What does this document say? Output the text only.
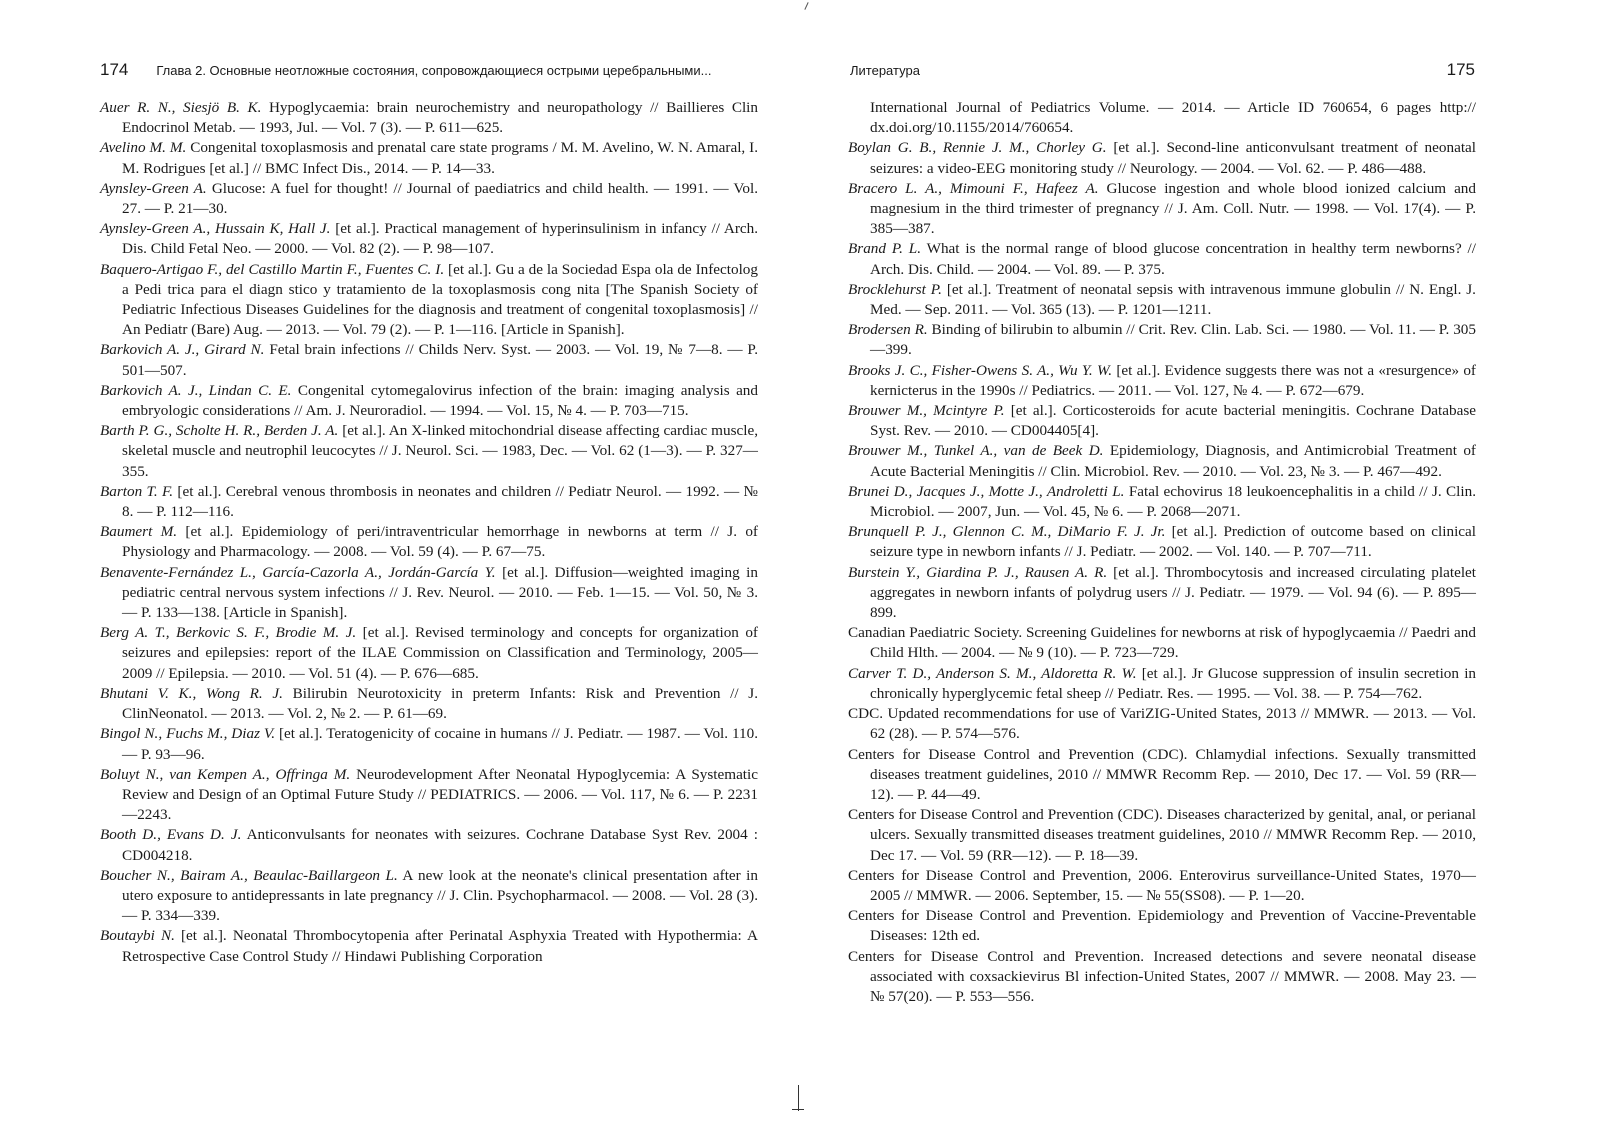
174 Глава 2. Основные неотложные состояния, сопровождающиеся острыми церебральными...

Auer R. N., Siesjö B. K. Hypoglycaemia: brain neurochemistry and neuropathology // Baillieres Clin Endocrinol Metab. — 1993, Jul. — Vol. 7 (3). — P. 611—625.

Avelino M. M. Congenital toxoplasmosis and prenatal care state programs / M. M. Avelino, W. N. Amaral, I. M. Rodrigues [et al.] // BMC Infect Dis., 2014. — P. 14—33.

Aynsley-Green A. Glucose: A fuel for thought! // Journal of paediatrics and child health. — 1991. — Vol. 27. — P. 21—30.

Aynsley-Green A., Hussain K, Hall J. [et al.]. Practical management of hyperinsulinism in infancy // Arch. Dis. Child Fetal Neo. — 2000. — Vol. 82 (2). — P. 98—107.

Baquero-Artigao F., del Castillo Martin F., Fuentes C. I. [et al.]. Gu a de la Sociedad Espa ola de Infectolog a Pedi trica para el diagn stico y tratamiento de la toxoplasmosis cong nita [The Spanish Society of Pediatric Infectious Diseases Guidelines for the diagnosis and treatment of congenital toxoplasmosis] // An Pediatr (Bare) Aug. — 2013. — Vol. 79 (2). — P. 1—116. [Article in Spanish].

Barkovich A. J., Girard N. Fetal brain infections // Childs Nerv. Syst. — 2003. — Vol. 19, № 7—8. — P. 501—507.

Barkovich A. J., Lindan C. E. Congenital cytomegalovirus infection of the brain: imaging analysis and embryologic considerations // Am. J. Neuroradiol. — 1994. — Vol. 15, № 4. — P. 703—715.

Barth P. G., Scholte H. R., Berden J. A. [et al.]. An X-linked mitochondrial disease affecting cardiac muscle, skeletal muscle and neutrophil leucocytes // J. Neurol. Sci. — 1983, Dec. — Vol. 62 (1—3). — P. 327—355.

Barton T. F. [et al.]. Cerebral venous thrombosis in neonates and children // Pediatr Neurol. — 1992. — № 8. — P. 112—116.

Baumert M. [et al.]. Epidemiology of peri/intraventricular hemorrhage in newborns at term // J. of Physiology and Pharmacology. — 2008. — Vol. 59 (4). — P. 67—75.

Benavente-Fernández L., García-Cazorla A., Jordán-García Y. [et al.]. Diffusion—weighted imaging in pediatric central nervous system infections // J. Rev. Neurol. — 2010. — Feb. 1—15. — Vol. 50, № 3. — P. 133—138. [Article in Spanish].

Berg A. T., Berkovic S. F., Brodie M. J. [et al.]. Revised terminology and concepts for organization of seizures and epilepsies: report of the ILAE Commission on Classification and Terminology, 2005—2009 // Epilepsia. — 2010. — Vol. 51 (4). — P. 676—685.

Bhutani V. K., Wong R. J. Bilirubin Neurotoxicity in preterm Infants: Risk and Prevention // J. ClinNeonatol. — 2013. — Vol. 2, № 2. — P. 61—69.

Bingol N., Fuchs M., Diaz V. [et al.]. Teratogenicity of cocaine in humans // J. Pediatr. — 1987. — Vol. 110. — P. 93—96.

Boluyt N., van Kempen A., Offringa M. Neurodevelopment After Neonatal Hypoglycemia: A Systematic Review and Design of an Optimal Future Study // PEDIATRICS. — 2006. — Vol. 117, № 6. — P. 2231—2243.

Booth D., Evans D. J. Anticonvulsants for neonates with seizures. Cochrane Database Syst Rev. 2004 : CD004218.

Boucher N., Bairam A., Beaulac-Baillargeon L. A new look at the neonate's clinical presentation after in utero exposure to antidepressants in late pregnancy // J. Clin. Psychopharmacol. — 2008. — Vol. 28 (3). — P. 334—339.

Boutaybi N. [et al.]. Neonatal Thrombocytopenia after Perinatal Asphyxia Treated with Hypothermia: A Retrospective Case Control Study // Hindawi Publishing Corporation

Литература	175

International Journal of Pediatrics Volume. — 2014. — Article ID 760654, 6 pages http:// dx.doi.org/10.1155/2014/760654.

Boylan G. B., Rennie J. M., Chorley G. [et al.]. Second-line anticonvulsant treatment of neonatal seizures: a video-EEG monitoring study // Neurology. — 2004. — Vol. 62. — P. 486—488.

Bracero L. A., Mimouni F., Hafeez A. Glucose ingestion and whole blood ionized calcium and magnesium in the third trimester of pregnancy // J. Am. Coll. Nutr. — 1998. — Vol. 17(4). — P. 385—387.

Brand P. L. What is the normal range of blood glucose concentration in healthy term newborns? // Arch. Dis. Child. — 2004. — Vol. 89. — P. 375.

Brocklehurst P. [et al.]. Treatment of neonatal sepsis with intravenous immune globulin // N. Engl. J. Med. — Sep. 2011. — Vol. 365 (13). — P. 1201—1211.

Brodersen R. Binding of bilirubin to albumin // Crit. Rev. Clin. Lab. Sci. — 1980. — Vol. 11. — P. 305—399.

Brooks J. C., Fisher-Owens S. A., Wu Y. W. [et al.]. Evidence suggests there was not a «resurgence» of kernicterus in the 1990s // Pediatrics. — 2011. — Vol. 127, № 4. — P. 672—679.

Brouwer M., Mcintyre P. [et al.]. Corticosteroids for acute bacterial meningitis. Cochrane Database Syst. Rev. — 2010. — CD004405[4].

Brouwer M., Tunkel A., van de Beek D. Epidemiology, Diagnosis, and Antimicrobial Treatment of Acute Bacterial Meningitis // Clin. Microbiol. Rev. — 2010. — Vol. 23, № 3. — P. 467—492.

Brunei D., Jacques J., Motte J., Androletti L. Fatal echovirus 18 leukoencephalitis in a child // J. Clin. Microbiol. — 2007, Jun. — Vol. 45, № 6. — P. 2068—2071.

Brunquell P. J., Glennon C. M., DiMario F. J. Jr. [et al.]. Prediction of outcome based on clinical seizure type in newborn infants // J. Pediatr. — 2002. — Vol. 140. — P. 707—711.

Burstein Y., Giardina P. J., Rausen A. R. [et al.]. Thrombocytosis and increased circulating platelet aggregates in newborn infants of polydrug users // J. Pediatr. — 1979. — Vol. 94 (6). — P. 895—899.

Canadian Paediatric Society. Screening Guidelines for newborns at risk of hypoglycaemia // Paedri and Child Hlth. — 2004. — № 9 (10). — P. 723—729.

Carver T. D., Anderson S. M., Aldoretta R. W. [et al.]. Jr Glucose suppression of insulin secretion in chronically hyperglycemic fetal sheep // Pediatr. Res. — 1995. — Vol. 38. — P. 754—762.

CDC. Updated recommendations for use of VariZIG-United States, 2013 // MMWR. — 2013. — Vol. 62 (28). — P. 574—576.

Centers for Disease Control and Prevention (CDC). Chlamydial infections. Sexually transmitted diseases treatment guidelines, 2010 // MMWR Recomm Rep. — 2010, Dec 17. — Vol. 59 (RR—12). — P. 44—49.

Centers for Disease Control and Prevention (CDC). Diseases characterized by genital, anal, or perianal ulcers. Sexually transmitted diseases treatment guidelines, 2010 // MMWR Recomm Rep. — 2010, Dec 17. — Vol. 59 (RR—12). — P. 18—39.

Centers for Disease Control and Prevention, 2006. Enterovirus surveillance-United States, 1970—2005 // MMWR. — 2006. September, 15. — № 55(SS08). — P. 1—20.

Centers for Disease Control and Prevention. Epidemiology and Prevention of Vaccine-Preventable Diseases: 12th ed.

Centers for Disease Control and Prevention. Increased detections and severe neonatal disease associated with coxsackievirus Bl infection-United States, 2007 // MMWR. — 2008. May 23. — № 57(20). — P. 553—556.
